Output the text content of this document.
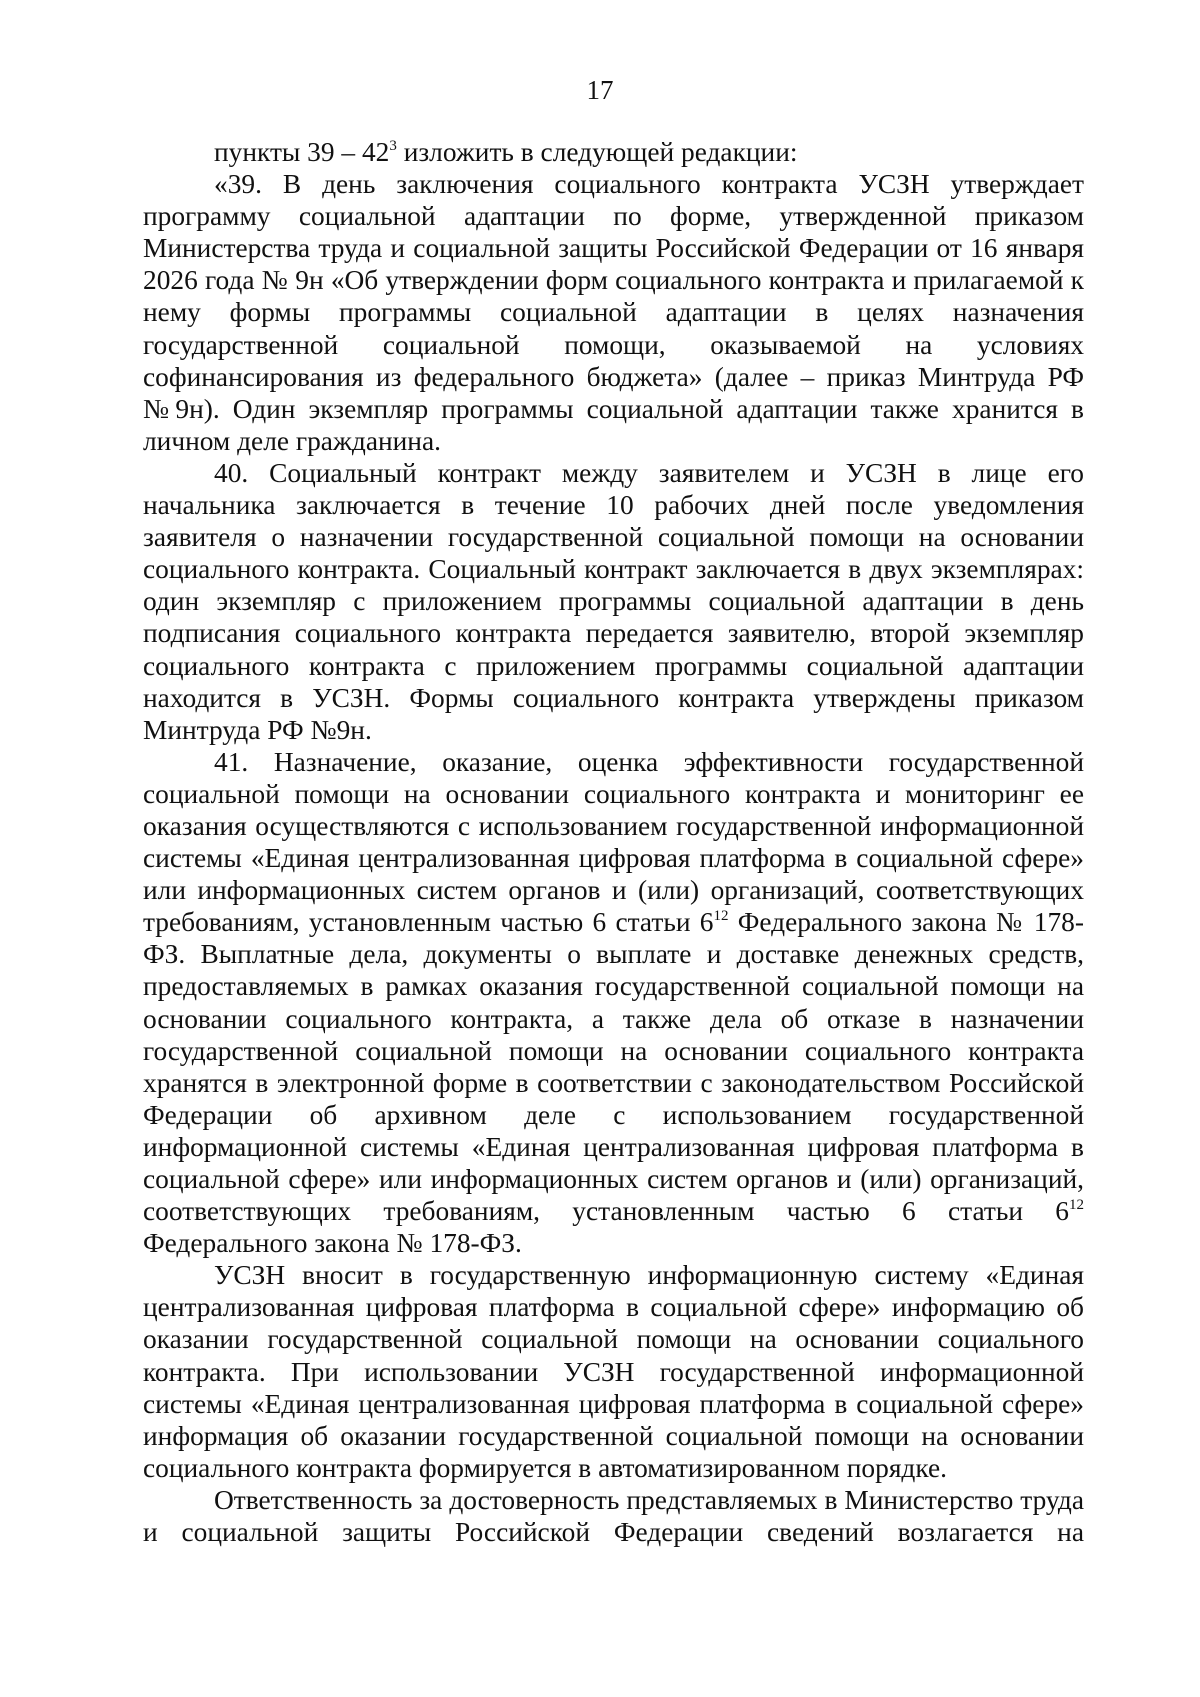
17

пункты $39 - 42^3$ изложить в следующей редакции:

«39. В день заключения социального контракта УСЗН утверждает программу социальной адаптации по форме, утвержденной приказом Министерства труда и социальной защиты Российской Федерации от 16 января 2026 года № 9н «Об утверждении форм социального контракта и прилагаемой к нему формы программы социальной адаптации в целях назначения государственной социальной помощи, оказываемой на условиях софинансирования из федерального бюджета» (далее – приказ Минтруда РФ №9н). Один экземпляр программы социальной адаптации также хранится в личном деле гражданина.

40. Социальный контракт между заявителем и УСЗН в лице его начальника заключается в течение 10 рабочих дней после уведомления заявителя о назначении государственной социальной помощи на основании социального контракта. Социальный контракт заключается в двух экземплярах: один экземпляр с приложением программы социальной адаптации в день подписания социального контракта передается заявителю, второй экземпляр социального контракта с приложением программы социальной адаптации находится в УСЗН. Формы социального контракта утверждены приказом Минтруда РФ №9н.

41. Назначение, оказание, оценка эффективности государственной социальной помощи на основании социального контракта и мониторинг ее оказания осуществляются с использованием государственной информационной системы «Единая централизованная цифровая платформа в социальной сфере» или информационных систем органов и (или) организаций, соответствующих требованиям, установленным частью 6 статьи $6^{12}$ Федерального закона № 178-ФЗ. Выплатные дела, документы о выплате и доставке денежных средств, предоставляемых в рамках оказания государственной социальной помощи на основании социального контракта, а также дела об отказе в назначении государственной социальной помощи на основании социального контракта хранятся в электронной форме в соответствии с законодательством Российской Федерации об архивном деле с использованием государственной информационной системы «Единая централизованная цифровая платформа в социальной сфере» или информационных систем органов и (или) организаций, соответствующих требованиям, установленным частью 6 статьи $6^{12}$ Федерального закона № 178-ФЗ.

УСЗН вносит в государственную информационную систему «Единая централизованная цифровая платформа в социальной сфере» информацию об оказании государственной социальной помощи на основании социального контракта. При использовании УСЗН государственной информационной системы «Единая централизованная цифровая платформа в социальной сфере» информация об оказании государственной социальной помощи на основании социального контракта формируется в автоматизированном порядке.

Ответственность за достоверность представляемых в Министерство труда и социальной защиты Российской Федерации сведений возлагается на
